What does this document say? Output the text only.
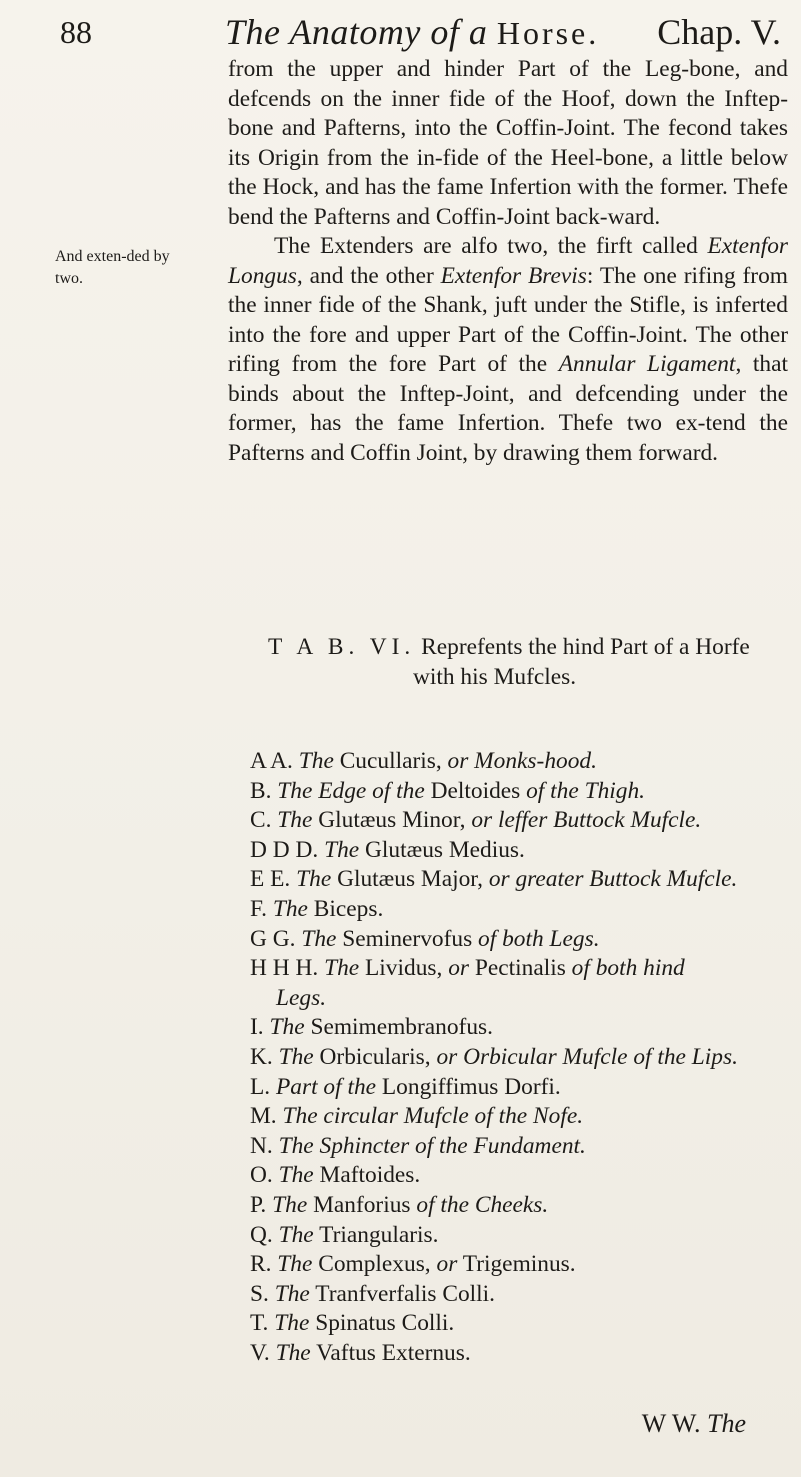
88	The Anatomy of a Horse. Chap. V.

from the upper and hinder Part of the Leg-bone, and defcends on the inner fide of the Hoof, down the Inftep-bone and Pafterns, into the Coffin-Joint. The fecond takes its Origin from the in-fide of the Heel-bone, a little below the Hock, and has the fame Infertion with the former. Thefe bend the Pafterns and Coffin-Joint back-ward.

And exten-ded by two.

The Extenders are alfo two, the firft called Extenfor Longus, and the other Extenfor Brevis: The one rifing from the inner fide of the Shank, juft under the Stifle, is inferted into the fore and upper Part of the Coffin-Joint. The other rifing from the fore Part of the Annular Ligament, that binds about the Inftep-Joint, and defcending under the former, has the fame Infertion. Thefe two ex-tend the Pafterns and Coffin Joint, by drawing them forward.

T A B. VI. Reprefents the hind Part of a Horfe
with his Mufcles.

A A. The Cucullaris, or Monks-hood.
B. The Edge of the Deltoides of the Thigh.
C. The Glutæus Minor, or leffer Buttock Mufcle.
D D D. The Glutæus Medius.
E E. The Glutæus Major, or greater Buttock Mufcle.
F. The Biceps.
G G. The Seminervofus of both Legs.
H H H. The Lividus, or Pectinalis of both hind
Legs.
I. The Semimembranofus.
K. The Orbicularis, or Orbicular Mufcle of the Lips.
L. Part of the Longiffimus Dorfi.
M. The circular Mufcle of the Nofe.
N. The Sphincter of the Fundament.
O. The Maftoides.
P. The Manforius of the Cheeks.
Q. The Triangularis.
R. The Complexus, or Trigeminus.
S. The Tranfverfalis Colli.
T. The Spinatus Colli.
V. The Vaftus Externus.

W W. The
